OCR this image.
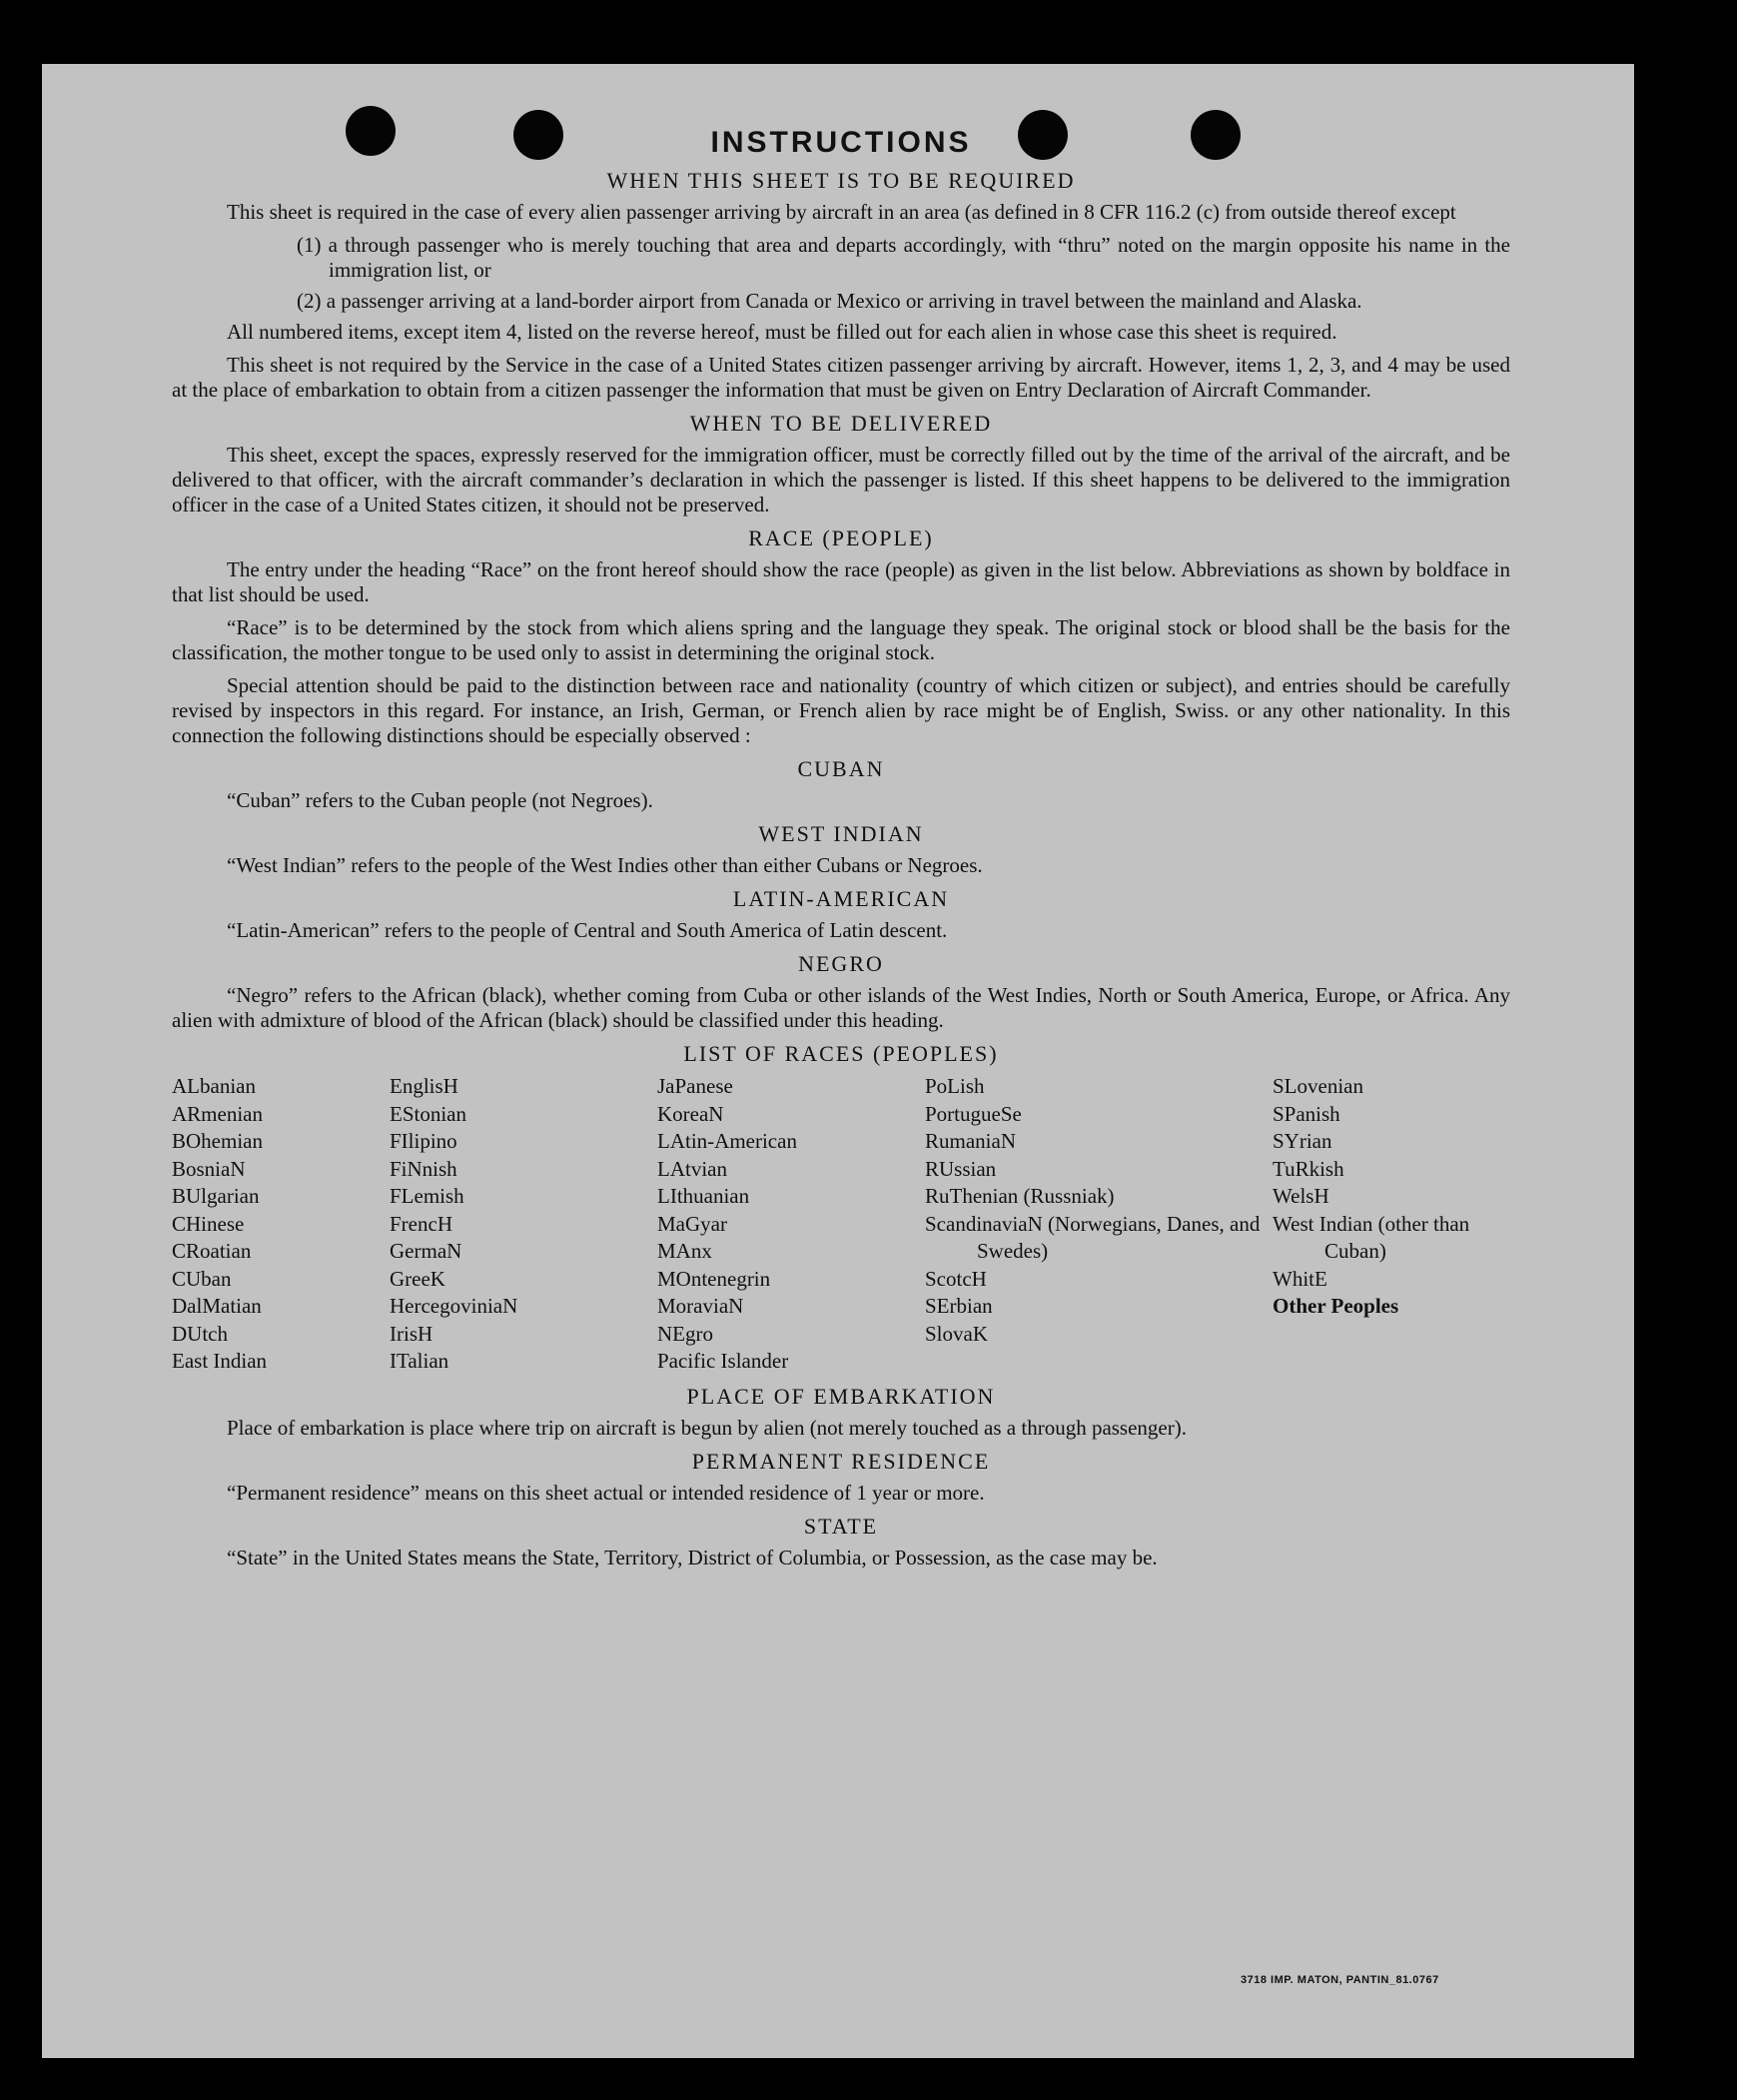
INSTRUCTIONS
WHEN THIS SHEET IS TO BE REQUIRED

This sheet is required in the case of every alien passenger arriving by aircraft in an area (as defined in 8 CFR 116.2 (c) from outside thereof except

(1) a through passenger who is merely touching that area and departs accordingly, with “thru” noted on the margin opposite his name in the immigration list, or
(2) a passenger arriving at a land-border airport from Canada or Mexico or arriving in travel between the mainland and Alaska.

All numbered items, except item 4, listed on the reverse hereof, must be filled out for each alien in whose case this sheet is required.

This sheet is not required by the Service in the case of a United States citizen passenger arriving by aircraft. However, items 1, 2, 3, and 4 may be used at the place of embarkation to obtain from a citizen passenger the information that must be given on Entry Declaration of Aircraft Commander.

WHEN TO BE DELIVERED

This sheet, except the spaces, expressly reserved for the immigration officer, must be correctly filled out by the time of the arrival of the aircraft, and be delivered to that officer, with the aircraft commander’s declaration in which the passenger is listed. If this sheet happens to be delivered to the immigration officer in the case of a United States citizen, it should not be preserved.

RACE (PEOPLE)

The entry under the heading “Race” on the front hereof should show the race (people) as given in the list below. Abbreviations as shown by boldface in that list should be used.

“Race” is to be determined by the stock from which aliens spring and the language they speak. The original stock or blood shall be the basis for the classification, the mother tongue to be used only to assist in determining the original stock.

Special attention should be paid to the distinction between race and nationality (country of which citizen or subject), and entries should be carefully revised by inspectors in this regard. For instance, an Irish, German, or French alien by race might be of English, Swiss. or any other nationality. In this connection the following distinctions should be especially observed :

CUBAN

“Cuban” refers to the Cuban people (not Negroes).

WEST INDIAN

“West Indian” refers to the people of the West Indies other than either Cubans or Negroes.

LATIN-AMERICAN

“Latin-American” refers to the people of Central and South America of Latin descent.

NEGRO

“Negro” refers to the African (black), whether coming from Cuba or other islands of the West Indies, North or South America, Europe, or Africa. Any alien with admixture of blood of the African (black) should be classified under this heading.

LIST OF RACES (PEOPLES)
ALbanian
ARmenian
BOhemian
BosniaN
BUlgarian
CHinese
CRoatian
CUban
DalMatian
DUtch
East Indian
EnglisH
EStonian
FIlipino
FiNnish
FLemish
FrencH
GermaN
GreeK
HercegoviniaN
IrisH
ITalian
JaPanese
KoreaN
LAtin-American
LAtvian
LIthuanian
MaGyar
MAnx
MOntenegrin
MoraviaN
NEgro
Pacific Islander
PoLish
PortugueSe
RumaniaN
RUssian
RuThenian (Russniak)
ScandinaviaN (Norwegians, Danes, and Swedes)
ScotcH
SErbian
SlovaK
SLovenian
SPanish
SYrian
TuRkish
WelsH
West Indian (other than Cuban)
WhitE
Other Peoples
PLACE OF EMBARKATION

Place of embarkation is place where trip on aircraft is begun by alien (not merely touched as a through passenger).

PERMANENT RESIDENCE

“Permanent residence” means on this sheet actual or intended residence of 1 year or more.

STATE

“State” in the United States means the State, Territory, District of Columbia, or Possession, as the case may be.

3718 IMP. MATON, PANTIN_81.0767
